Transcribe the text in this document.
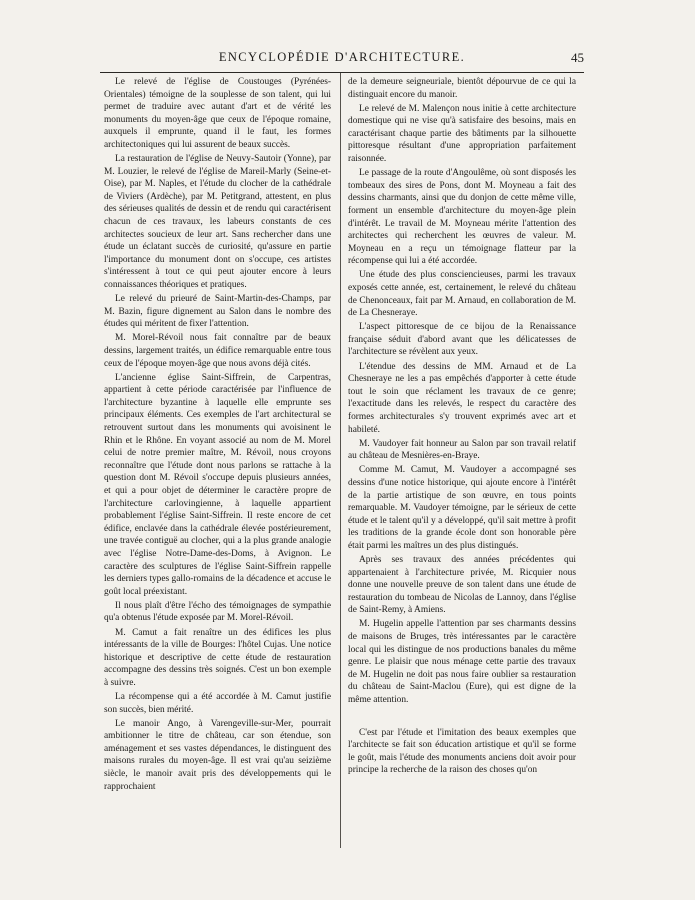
ENCYCLOPÉDIE D'ARCHITECTURE.	45

Le relevé de l'église de Coustouges (Pyrénées-Orientales) témoigne de la souplesse de son talent, qui lui permet de traduire avec autant d'art et de vérité les monuments du moyen-âge que ceux de l'époque romaine, auxquels il emprunte, quand il le faut, les formes architectoniques qui lui assurent de beaux succès.

La restauration de l'église de Neuvy-Sautoir (Yonne), par M. Louzier, le relevé de l'église de Mareil-Marly (Seine-et-Oise), par M. Naples, et l'étude du clocher de la cathédrale de Viviers (Ardèche), par M. Petitgrand, attestent, en plus des sérieuses qualités de dessin et de rendu qui caractérisent chacun de ces travaux, les labeurs constants de ces architectes soucieux de leur art. Sans rechercher dans une étude un éclatant succès de curiosité, qu'assure en partie l'importance du monument dont on s'occupe, ces artistes s'intéressent à tout ce qui peut ajouter encore à leurs connaissances théoriques et pratiques.

Le relevé du prieuré de Saint-Martin-des-Champs, par M. Bazin, figure dignement au Salon dans le nombre des études qui méritent de fixer l'attention.

M. Morel-Révoil nous fait connaître par de beaux dessins, largement traités, un édifice remarquable entre tous ceux de l'époque moyen-âge que nous avons déjà cités.

L'ancienne église Saint-Siffrein, de Carpentras, appartient à cette période caractérisée par l'influence de l'architecture byzantine à laquelle elle emprunte ses principaux éléments. Ces exemples de l'art architectural se retrouvent surtout dans les monuments qui avoisinent le Rhin et le Rhône. En voyant associé au nom de M. Morel celui de notre premier maître, M. Révoil, nous croyons reconnaître que l'étude dont nous parlons se rattache à la question dont M. Révoil s'occupe depuis plusieurs années, et qui a pour objet de déterminer le caractère propre de l'architecture carlovingienne, à laquelle appartient probablement l'église Saint-Siffrein. Il reste encore de cet édifice, enclavée dans la cathédrale élevée postérieurement, une travée contiguë au clocher, qui a la plus grande analogie avec l'église Notre-Dame-des-Doms, à Avignon. Le caractère des sculptures de l'église Saint-Siffrein rappelle les derniers types gallo-romains de la décadence et accuse le goût local préexistant.

Il nous plaît d'être l'écho des témoignages de sympathie qu'a obtenus l'étude exposée par M. Morel-Révoil.

M. Camut a fait renaître un des édifices les plus intéressants de la ville de Bourges: l'hôtel Cujas. Une notice historique et descriptive de cette étude de restauration accompagne des dessins très soignés. C'est un bon exemple à suivre.

La récompense qui a été accordée à M. Camut justifie son succès, bien mérité.

Le manoir Ango, à Varengeville-sur-Mer, pourrait ambitionner le titre de château, car son étendue, son aménagement et ses vastes dépendances, le distinguent des maisons rurales du moyen-âge. Il est vrai qu'au seizième siècle, le manoir avait pris des développements qui le rapprochaient

de la demeure seigneuriale, bientôt dépourvue de ce qui la distinguait encore du manoir.

Le relevé de M. Malençon nous initie à cette architecture domestique qui ne vise qu'à satisfaire des besoins, mais en caractérisant chaque partie des bâtiments par la silhouette pittoresque résultant d'une appropriation parfaitement raisonnée.

Le passage de la route d'Angoulême, où sont disposés les tombeaux des sires de Pons, dont M. Moyneau a fait des dessins charmants, ainsi que du donjon de cette même ville, forment un ensemble d'architecture du moyen-âge plein d'intérêt. Le travail de M. Moyneau mérite l'attention des architectes qui recherchent les œuvres de valeur. M. Moyneau en a reçu un témoignage flatteur par la récompense qui lui a été accordée.

Une étude des plus consciencieuses, parmi les travaux exposés cette année, est, certainement, le relevé du château de Chenonceaux, fait par M. Arnaud, en collaboration de M. de La Chesneraye.

L'aspect pittoresque de ce bijou de la Renaissance française séduit d'abord avant que les délicatesses de l'architecture se révèlent aux yeux.

L'étendue des dessins de MM. Arnaud et de La Chesneraye ne les a pas empêchés d'apporter à cette étude tout le soin que réclament les travaux de ce genre; l'exactitude dans les relevés, le respect du caractère des formes architecturales s'y trouvent exprimés avec art et habileté.

M. Vaudoyer fait honneur au Salon par son travail relatif au château de Mesnières-en-Braye.

Comme M. Camut, M. Vaudoyer a accompagné ses dessins d'une notice historique, qui ajoute encore à l'intérêt de la partie artistique de son œuvre, en tous points remarquable. M. Vaudoyer témoigne, par le sérieux de cette étude et le talent qu'il y a développé, qu'il sait mettre à profit les traditions de la grande école dont son honorable père était parmi les maîtres un des plus distingués.

Après ses travaux des années précédentes qui appartenaient à l'architecture privée, M. Ricquier nous donne une nouvelle preuve de son talent dans une étude de restauration du tombeau de Nicolas de Lannoy, dans l'église de Saint-Remy, à Amiens.

M. Hugelin appelle l'attention par ses charmants dessins de maisons de Bruges, très intéressantes par le caractère local qui les distingue de nos productions banales du même genre. Le plaisir que nous ménage cette partie des travaux de M. Hugelin ne doit pas nous faire oublier sa restauration du château de Saint-Maclou (Eure), qui est digne de la même attention.

C'est par l'étude et l'imitation des beaux exemples que l'architecte se fait son éducation artistique et qu'il se forme le goût, mais l'étude des monuments anciens doit avoir pour principe la recherche de la raison des choses qu'on
